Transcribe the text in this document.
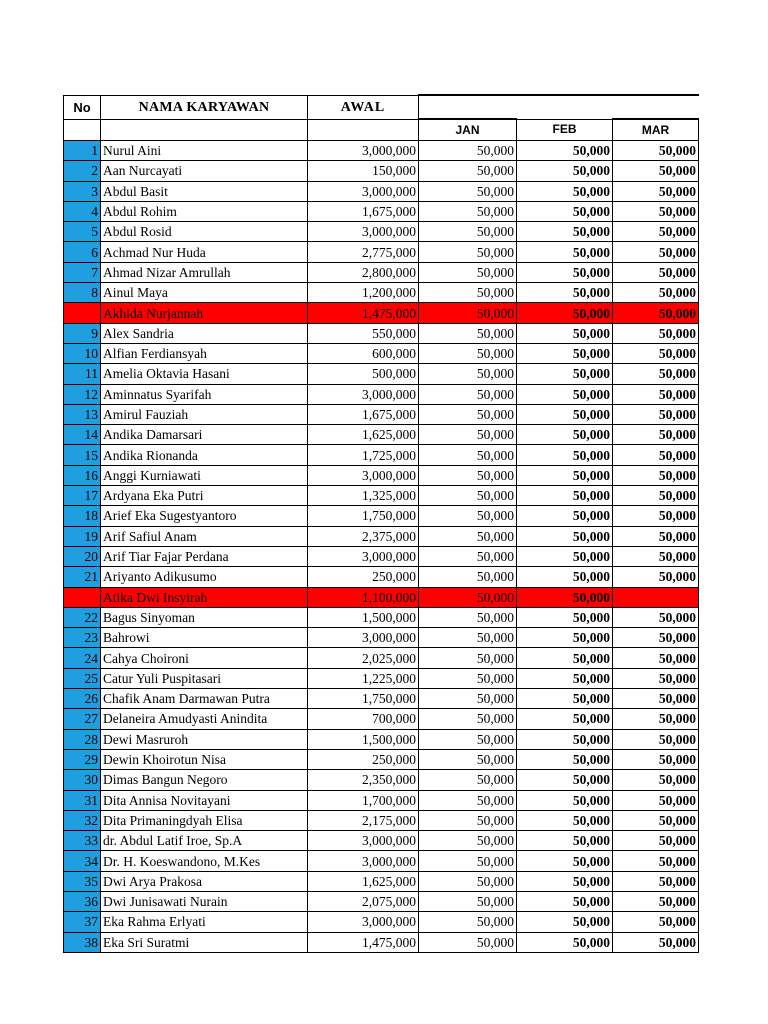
No	NAMA KARYAWAN	AWAL			
			JAN	FEB	MAR
1	Nurul Aini	3,000,000	50,000	50,000	50,000
2	Aan Nurcayati	150,000	50,000	50,000	50,000
3	Abdul Basit	3,000,000	50,000	50,000	50,000
4	Abdul Rohim	1,675,000	50,000	50,000	50,000
5	Abdul Rosid	3,000,000	50,000	50,000	50,000
6	Achmad Nur Huda	2,775,000	50,000	50,000	50,000
7	Ahmad Nizar Amrullah	2,800,000	50,000	50,000	50,000
8	Ainul Maya	1,200,000	50,000	50,000	50,000
	Akhida Nurjannah	1,475,000	50,000	50,000	50,000
9	Alex Sandria	550,000	50,000	50,000	50,000
10	Alfian Ferdiansyah	600,000	50,000	50,000	50,000
11	Amelia Oktavia Hasani	500,000	50,000	50,000	50,000
12	Aminnatus Syarifah	3,000,000	50,000	50,000	50,000
13	Amirul Fauziah	1,675,000	50,000	50,000	50,000
14	Andika Damarsari	1,625,000	50,000	50,000	50,000
15	Andika Rionanda	1,725,000	50,000	50,000	50,000
16	Anggi Kurniawati	3,000,000	50,000	50,000	50,000
17	Ardyana Eka Putri	1,325,000	50,000	50,000	50,000
18	Arief Eka Sugestyantoro	1,750,000	50,000	50,000	50,000
19	Arif Safiul Anam	2,375,000	50,000	50,000	50,000
20	Arif Tiar Fajar Perdana	3,000,000	50,000	50,000	50,000
21	Ariyanto Adikusumo	250,000	50,000	50,000	50,000
	Atika Dwi Insyirah	1,100,000	50,000	50,000	
22	Bagus Sinyoman	1,500,000	50,000	50,000	50,000
23	Bahrowi	3,000,000	50,000	50,000	50,000
24	Cahya Choironi	2,025,000	50,000	50,000	50,000
25	Catur Yuli Puspitasari	1,225,000	50,000	50,000	50,000
26	Chafik Anam Darmawan Putra	1,750,000	50,000	50,000	50,000
27	Delaneira Amudyasti Anindita	700,000	50,000	50,000	50,000
28	Dewi Masruroh	1,500,000	50,000	50,000	50,000
29	Dewin Khoirotun Nisa	250,000	50,000	50,000	50,000
30	Dimas Bangun Negoro	2,350,000	50,000	50,000	50,000
31	Dita Annisa Novitayani	1,700,000	50,000	50,000	50,000
32	Dita Primaningdyah Elisa	2,175,000	50,000	50,000	50,000
33	dr. Abdul Latif Iroe, Sp.A	3,000,000	50,000	50,000	50,000
34	Dr. H. Koeswandono, M.Kes	3,000,000	50,000	50,000	50,000
35	Dwi Arya Prakosa	1,625,000	50,000	50,000	50,000
36	Dwi Junisawati Nurain	2,075,000	50,000	50,000	50,000
37	Eka Rahma Erlyati	3,000,000	50,000	50,000	50,000
38	Eka Sri Suratmi	1,475,000	50,000	50,000	50,000
